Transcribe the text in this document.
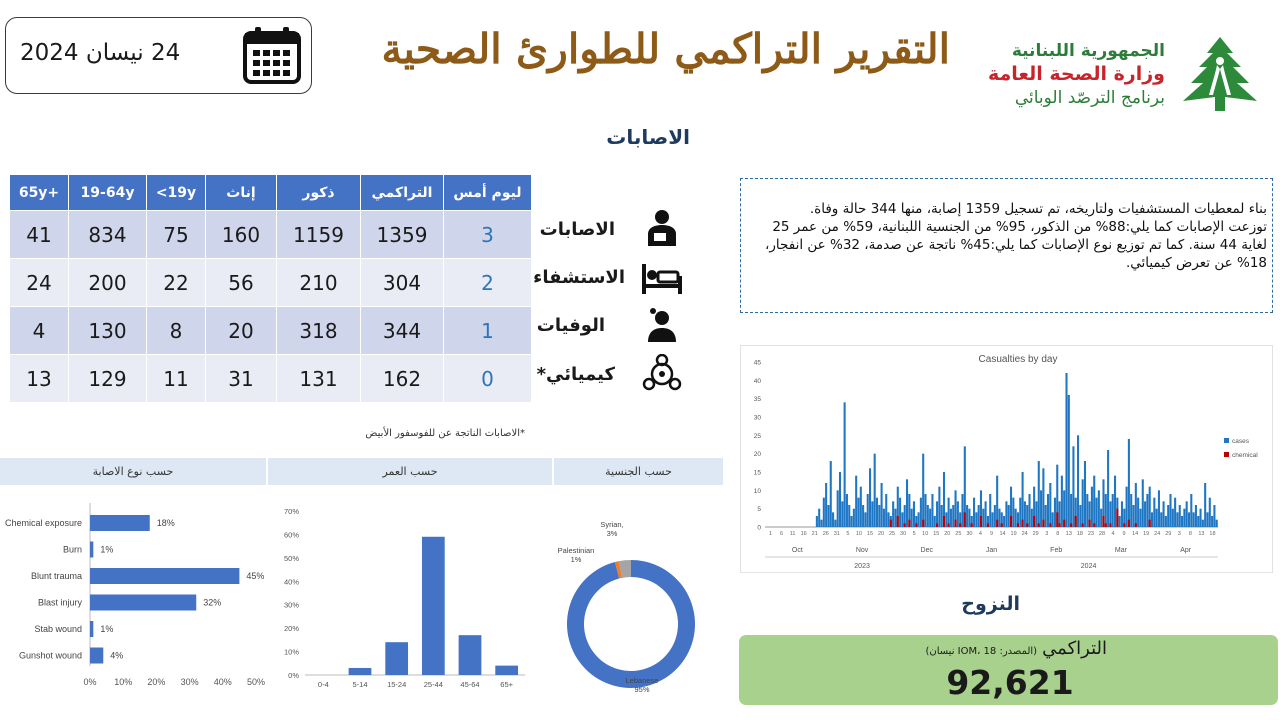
24 نيسان 2024	التقرير التراكمي للطوارئ الصحية	الجمهورية اللبنانية
وزارة الصحة العامة
برنامج الترصّد الوبائي
الاصابات
65y+	19-64y	<19y	إناث	ذكور	التراكمي	ليوم أمس
41	834	75	160	1159	1359	3
24	200	22	56	210	304	2
4	130	8	20	318	344	1
13	129	11	31	131	162	0
الاصابات
الاستشفاء
الوفيات
كيميائي*
*الاصابات الناتجة عن للفوسفور الأبيض
حسب نوع الاصابة	حسب العمر	حسب الجنسية
0% 10% 20% 30% 40% 50%
Chemical exposure	18%
Burn 1%
Blunt trauma	45%
Blast injury	32%
Stab wound 1%
Gunshot wound	4%
0%
10%
20%
30%
40%
50%
60%
70%
0-4	5-14	15-24 25-44 45-64	65+
Syrian,
3%
Palestinian
1%
Lebanese
95%
Casualties by day
0
5
10
15
20
25
30
35
40
45
1 6 11 16 21 26 31 5 10 15 20 25 30 5 10 15 20 25 30 4 9 14 19 24 29 3 8 13 18 23 28 4 9 14 19 24 29 3 8 13 18
Oct	Nov	Dec	Jan	Feb	Mar	Apr
2023	2024
cases
chemical
بناء لمعطيات المستشفيات ولتاريخه، تم تسجيل 1359 إصابة، منها 344 حالة وفاة.
توزعت الإصابات كما يلي:88% من الذكور، 95% من الجنسية اللبنانية، 59% من عمر 25 لغاية 44 سنة. كما تم توزيع نوع الإصابات كما يلي:45% ناتجة عن صدمة، 32% عن انفجار، 18% عن تعرض كيميائي.
النزوح
التراكمي (المصدر: IOM، 18 نيسان)
92,621
